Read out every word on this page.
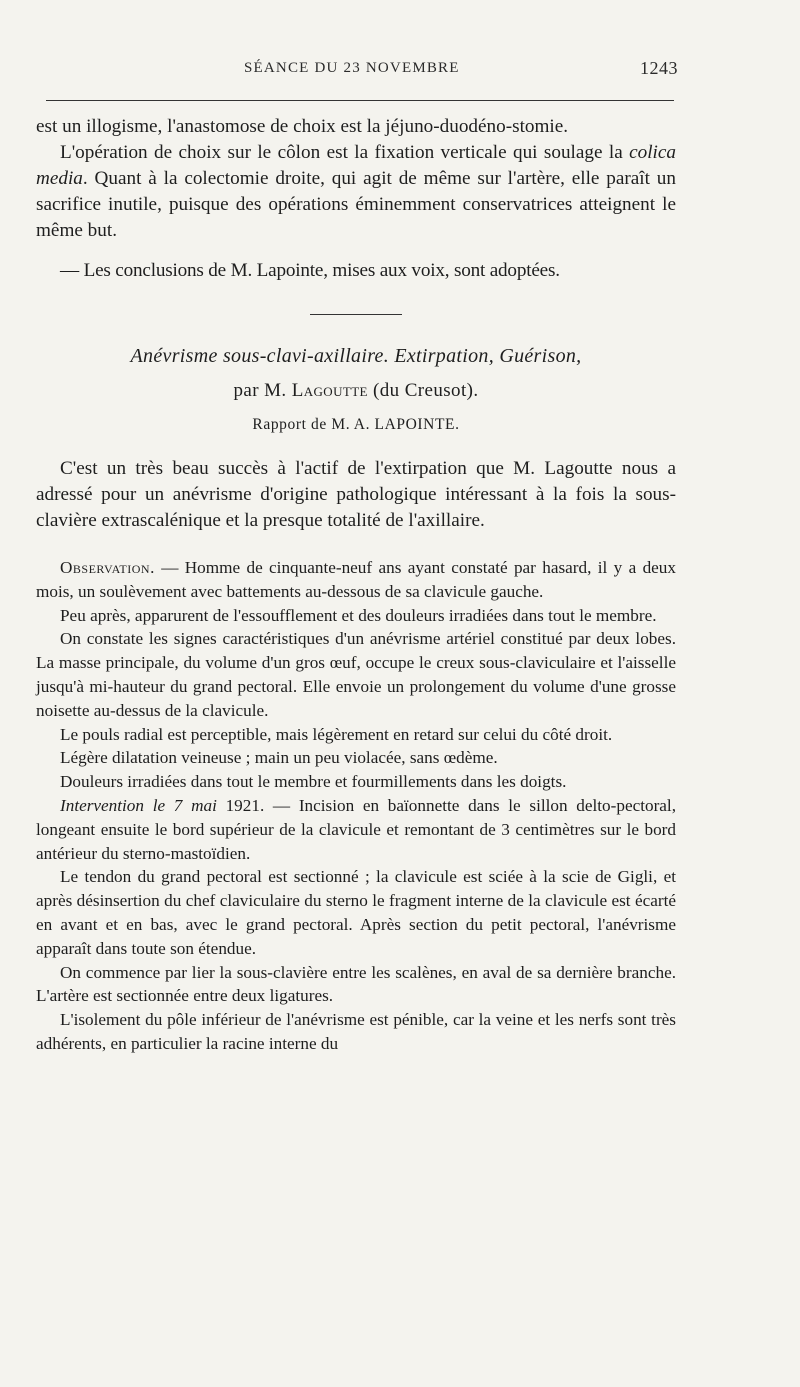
SÉANCE DU 23 NOVEMBRE	1243

est un illogisme, l'anastomose de choix est la jéjuno-duodéno-stomie.

L'opération de choix sur le côlon est la fixation verticale qui soulage la colica media. Quant à la colectomie droite, qui agit de même sur l'artère, elle paraît un sacrifice inutile, puisque des opérations éminemment conservatrices atteignent le même but.

— Les conclusions de M. Lapointe, mises aux voix, sont adoptées.

Anévrisme sous-clavi-axillaire. Extirpation, Guérison,
par M. Lagoutte (du Creusot).
Rapport de M. A. LAPOINTE.

C'est un très beau succès à l'actif de l'extirpation que M. Lagoutte nous a adressé pour un anévrisme d'origine pathologique intéressant à la fois la sous-clavière extrascalénique et la presque totalité de l'axillaire.

Observation. — Homme de cinquante-neuf ans ayant constaté par hasard, il y a deux mois, un soulèvement avec battements au-dessous de sa clavicule gauche.

Peu après, apparurent de l'essoufflement et des douleurs irradiées dans tout le membre.

On constate les signes caractéristiques d'un anévrisme artériel constitué par deux lobes. La masse principale, du volume d'un gros œuf, occupe le creux sous-claviculaire et l'aisselle jusqu'à mi-hauteur du grand pectoral. Elle envoie un prolongement du volume d'une grosse noisette au-dessus de la clavicule.

Le pouls radial est perceptible, mais légèrement en retard sur celui du côté droit.

Légère dilatation veineuse ; main un peu violacée, sans œdème.

Douleurs irradiées dans tout le membre et fourmillements dans les doigts.

Intervention le 7 mai 1921. — Incision en baïonnette dans le sillon delto-pectoral, longeant ensuite le bord supérieur de la clavicule et remontant de 3 centimètres sur le bord antérieur du sterno-mastoïdien.

Le tendon du grand pectoral est sectionné ; la clavicule est sciée à la scie de Gigli, et après désinsertion du chef claviculaire du sterno le fragment interne de la clavicule est écarté en avant et en bas, avec le grand pectoral. Après section du petit pectoral, l'anévrisme apparaît dans toute son étendue.

On commence par lier la sous-clavière entre les scalènes, en aval de sa dernière branche. L'artère est sectionnée entre deux ligatures.

L'isolement du pôle inférieur de l'anévrisme est pénible, car la veine et les nerfs sont très adhérents, en particulier la racine interne du
